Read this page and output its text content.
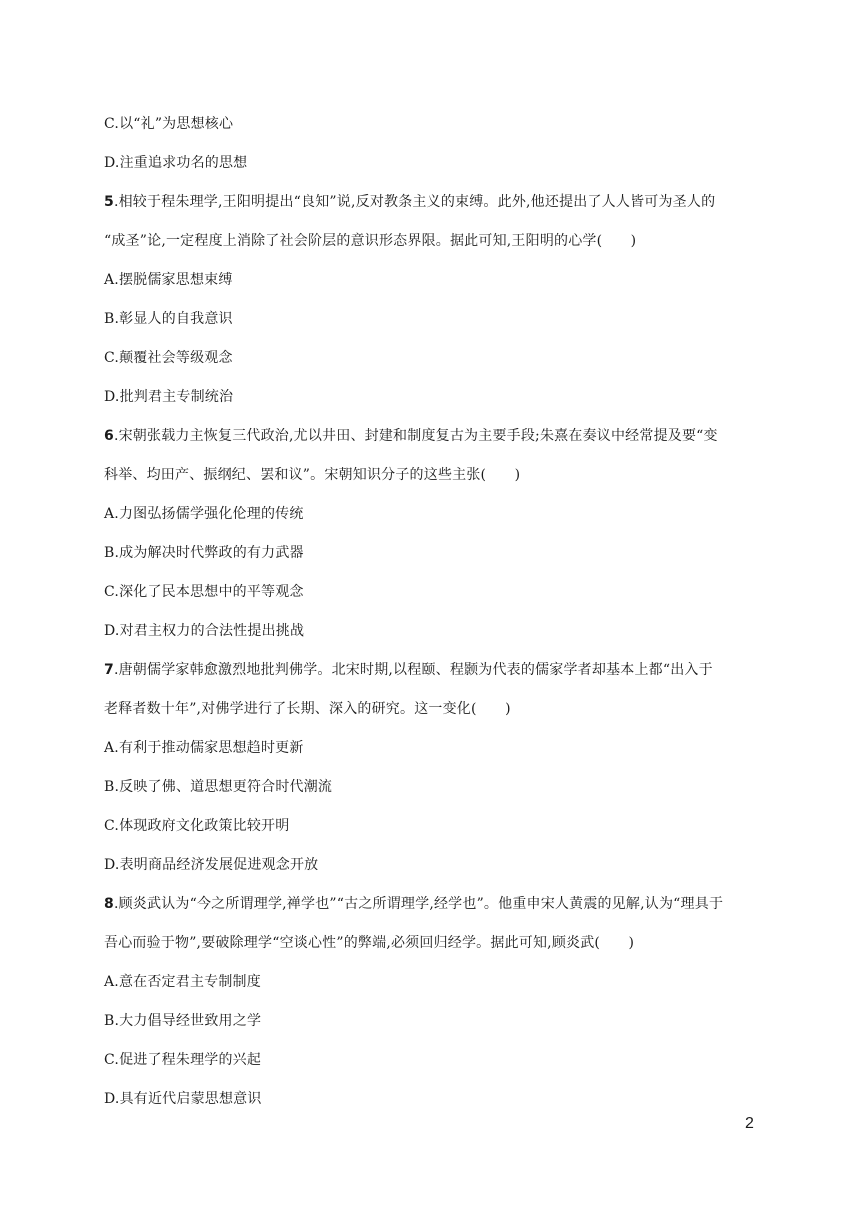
C.以“礼”为思想核心
D.注重追求功名的思想
5.相较于程朱理学,王阳明提出“良知”说,反对教条主义的束缚。此外,他还提出了人人皆可为圣人的
“成圣”论,一定程度上消除了社会阶层的意识形态界限。据此可知,王阳明的心学(　　)
A.摆脱儒家思想束缚
B.彰显人的自我意识
C.颠覆社会等级观念
D.批判君主专制统治
6.宋朝张载力主恢复三代政治,尤以井田、封建和制度复古为主要手段;朱熹在奏议中经常提及要“变
科举、均田产、振纲纪、罢和议”。宋朝知识分子的这些主张(　　)
A.力图弘扬儒学强化伦理的传统
B.成为解决时代弊政的有力武器
C.深化了民本思想中的平等观念
D.对君主权力的合法性提出挑战
7.唐朝儒学家韩愈激烈地批判佛学。北宋时期,以程颐、程颢为代表的儒家学者却基本上都“出入于
老释者数十年”,对佛学进行了长期、深入的研究。这一变化(　　)
A.有利于推动儒家思想趋时更新
B.反映了佛、道思想更符合时代潮流
C.体现政府文化政策比较开明
D.表明商品经济发展促进观念开放
8.顾炎武认为“今之所谓理学,禅学也”“古之所谓理学,经学也”。他重申宋人黄震的见解,认为“理具于
吾心而验于物”,要破除理学“空谈心性”的弊端,必须回归经学。据此可知,顾炎武(　　)
A.意在否定君主专制制度
B.大力倡导经世致用之学
C.促进了程朱理学的兴起
D.具有近代启蒙思想意识
2
